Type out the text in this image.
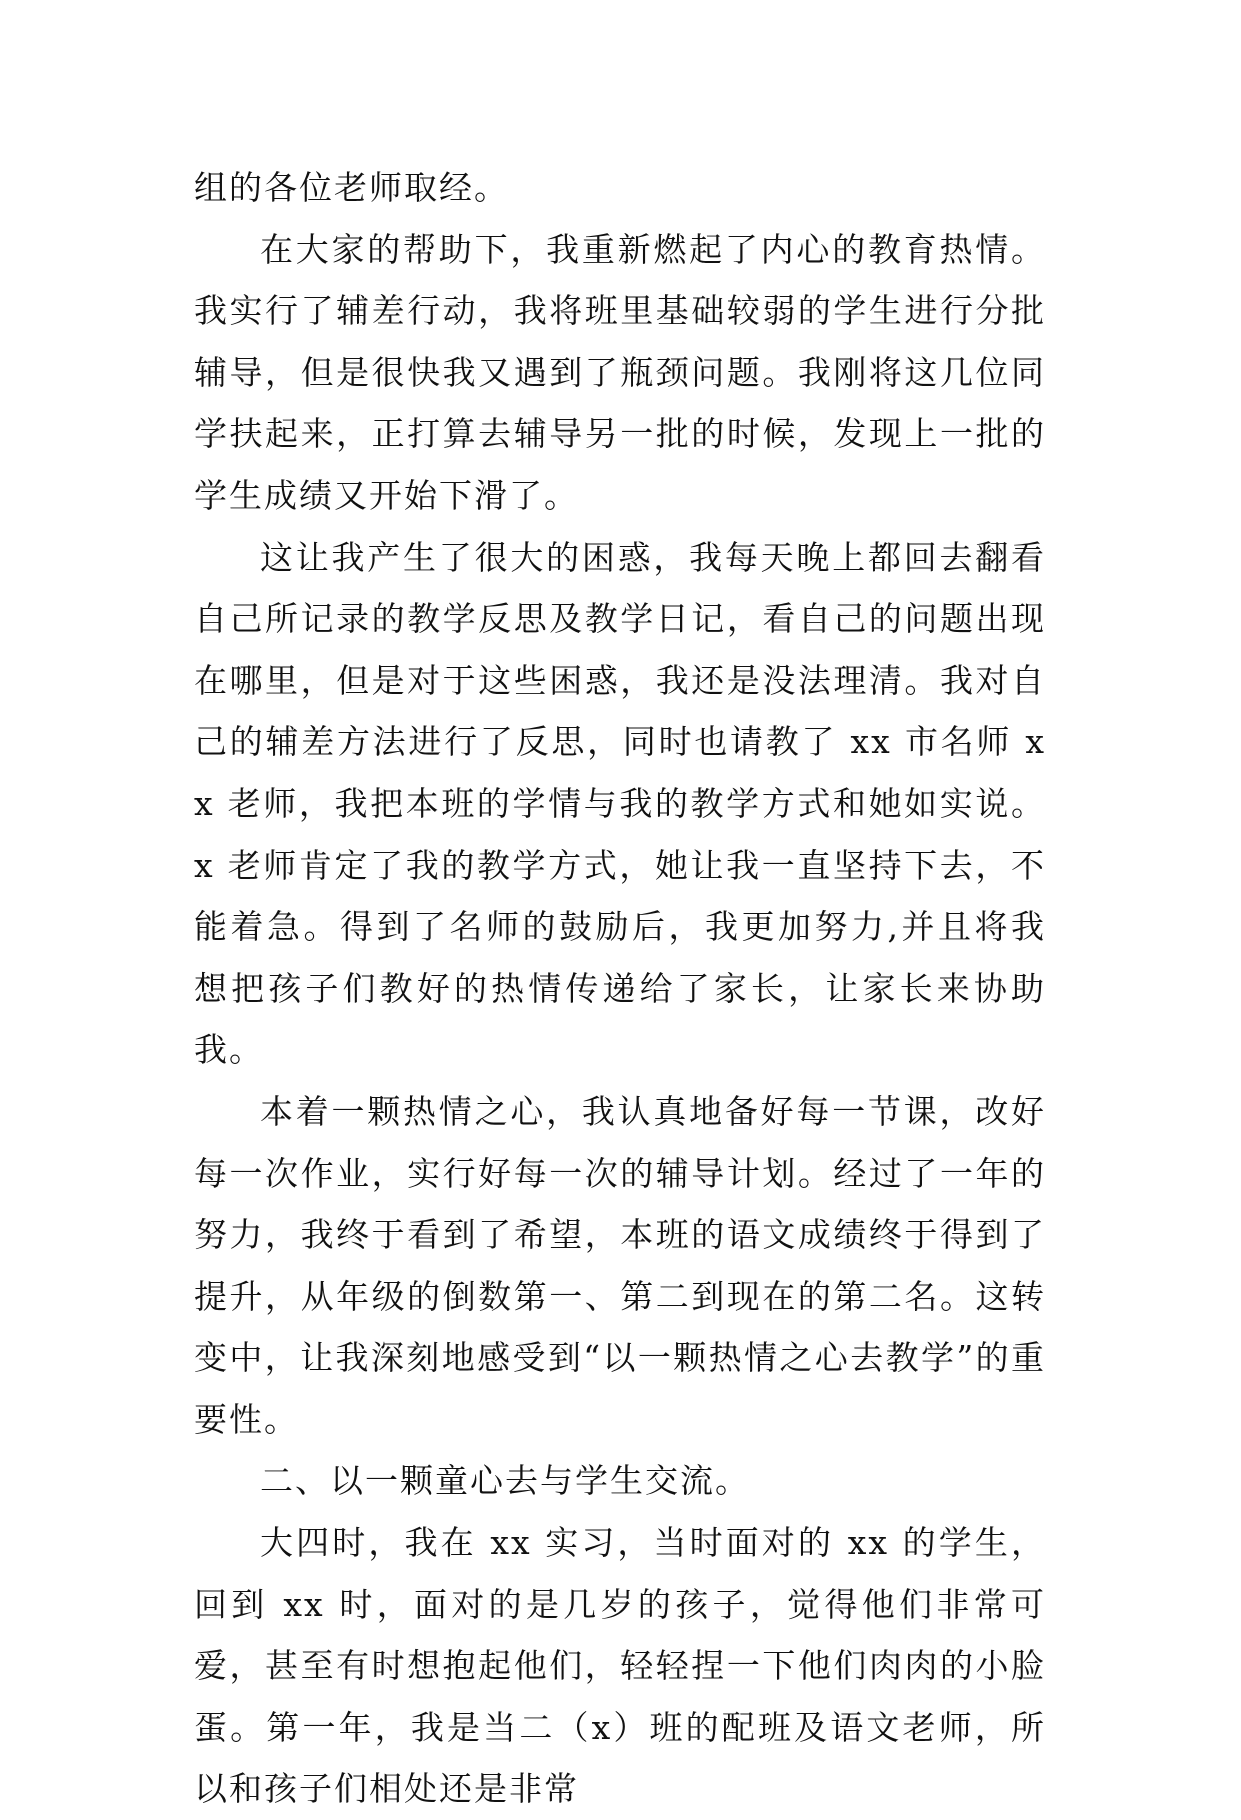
组的各位老师取经。

在大家的帮助下，我重新燃起了内心的教育热情。我实行了辅差行动，我将班里基础较弱的学生进行分批辅导，但是很快我又遇到了瓶颈问题。我刚将这几位同学扶起来，正打算去辅导另一批的时候，发现上一批的学生成绩又开始下滑了。

这让我产生了很大的困惑，我每天晚上都回去翻看自己所记录的教学反思及教学日记，看自己的问题出现在哪里，但是对于这些困惑，我还是没法理清。我对自己的辅差方法进行了反思，同时也请教了 xx 市名师 xx 老师，我把本班的学情与我的教学方式和她如实说。x 老师肯定了我的教学方式，她让我一直坚持下去，不能着急。得到了名师的鼓励后，我更加努力,并且将我想把孩子们教好的热情传递给了家长，让家长来协助我。

本着一颗热情之心，我认真地备好每一节课，改好每一次作业，实行好每一次的辅导计划。经过了一年的努力，我终于看到了希望，本班的语文成绩终于得到了提升，从年级的倒数第一、第二到现在的第二名。这转变中，让我深刻地感受到“以一颗热情之心去教学”的重要性。

二、以一颗童心去与学生交流。

大四时，我在 xx 实习，当时面对的 xx 的学生，回到 xx 时，面对的是几岁的孩子，觉得他们非常可爱，甚至有时想抱起他们，轻轻捏一下他们肉肉的小脸蛋。第一年，我是当二（x）班的配班及语文老师，所以和孩子们相处还是非常
